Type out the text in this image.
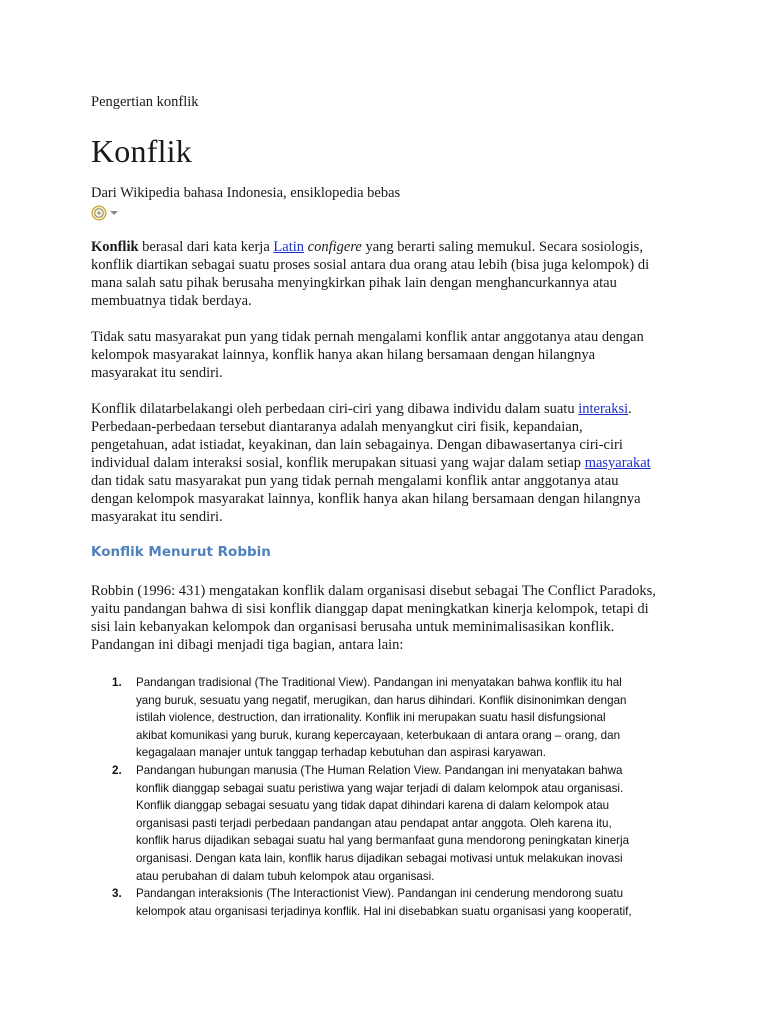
Pengertian konflik
Konflik
Dari Wikipedia bahasa Indonesia, ensiklopedia bebas

Konflik berasal dari kata kerja Latin configere yang berarti saling memukul. Secara sosiologis,
konflik diartikan sebagai suatu proses sosial antara dua orang atau lebih (bisa juga kelompok) di
mana salah satu pihak berusaha menyingkirkan pihak lain dengan menghancurkannya atau
membuatnya tidak berdaya.

Tidak satu masyarakat pun yang tidak pernah mengalami konflik antar anggotanya atau dengan
kelompok masyarakat lainnya, konflik hanya akan hilang bersamaan dengan hilangnya
masyarakat itu sendiri.

Konflik dilatarbelakangi oleh perbedaan ciri-ciri yang dibawa individu dalam suatu interaksi.
Perbedaan-perbedaan tersebut diantaranya adalah menyangkut ciri fisik, kepandaian,
pengetahuan, adat istiadat, keyakinan, dan lain sebagainya. Dengan dibawasertanya ciri-ciri
individual dalam interaksi sosial, konflik merupakan situasi yang wajar dalam setiap masyarakat
dan tidak satu masyarakat pun yang tidak pernah mengalami konflik antar anggotanya atau
dengan kelompok masyarakat lainnya, konflik hanya akan hilang bersamaan dengan hilangnya
masyarakat itu sendiri.

Konflik Menurut Robbin

Robbin (1996: 431) mengatakan konflik dalam organisasi disebut sebagai The Conflict Paradoks,
yaitu pandangan bahwa di sisi konflik dianggap dapat meningkatkan kinerja kelompok, tetapi di
sisi lain kebanyakan kelompok dan organisasi berusaha untuk meminimalisasikan konflik.
Pandangan ini dibagi menjadi tiga bagian, antara lain:

1. Pandangan tradisional (The Traditional View). Pandangan ini menyatakan bahwa konflik itu hal
yang buruk, sesuatu yang negatif, merugikan, dan harus dihindari. Konflik disinonimkan dengan
istilah violence, destruction, dan irrationality. Konflik ini merupakan suatu hasil disfungsional
akibat komunikasi yang buruk, kurang kepercayaan, keterbukaan di antara orang – orang, dan
kegagalaan manajer untuk tanggap terhadap kebutuhan dan aspirasi karyawan.
2. Pandangan hubungan manusia (The Human Relation View. Pandangan ini menyatakan bahwa
konflik dianggap sebagai suatu peristiwa yang wajar terjadi di dalam kelompok atau organisasi.
Konflik dianggap sebagai sesuatu yang tidak dapat dihindari karena di dalam kelompok atau
organisasi pasti terjadi perbedaan pandangan atau pendapat antar anggota. Oleh karena itu,
konflik harus dijadikan sebagai suatu hal yang bermanfaat guna mendorong peningkatan kinerja
organisasi. Dengan kata lain, konflik harus dijadikan sebagai motivasi untuk melakukan inovasi
atau perubahan di dalam tubuh kelompok atau organisasi.
3. Pandangan interaksionis (The Interactionist View). Pandangan ini cenderung mendorong suatu
kelompok atau organisasi terjadinya konflik. Hal ini disebabkan suatu organisasi yang kooperatif,
